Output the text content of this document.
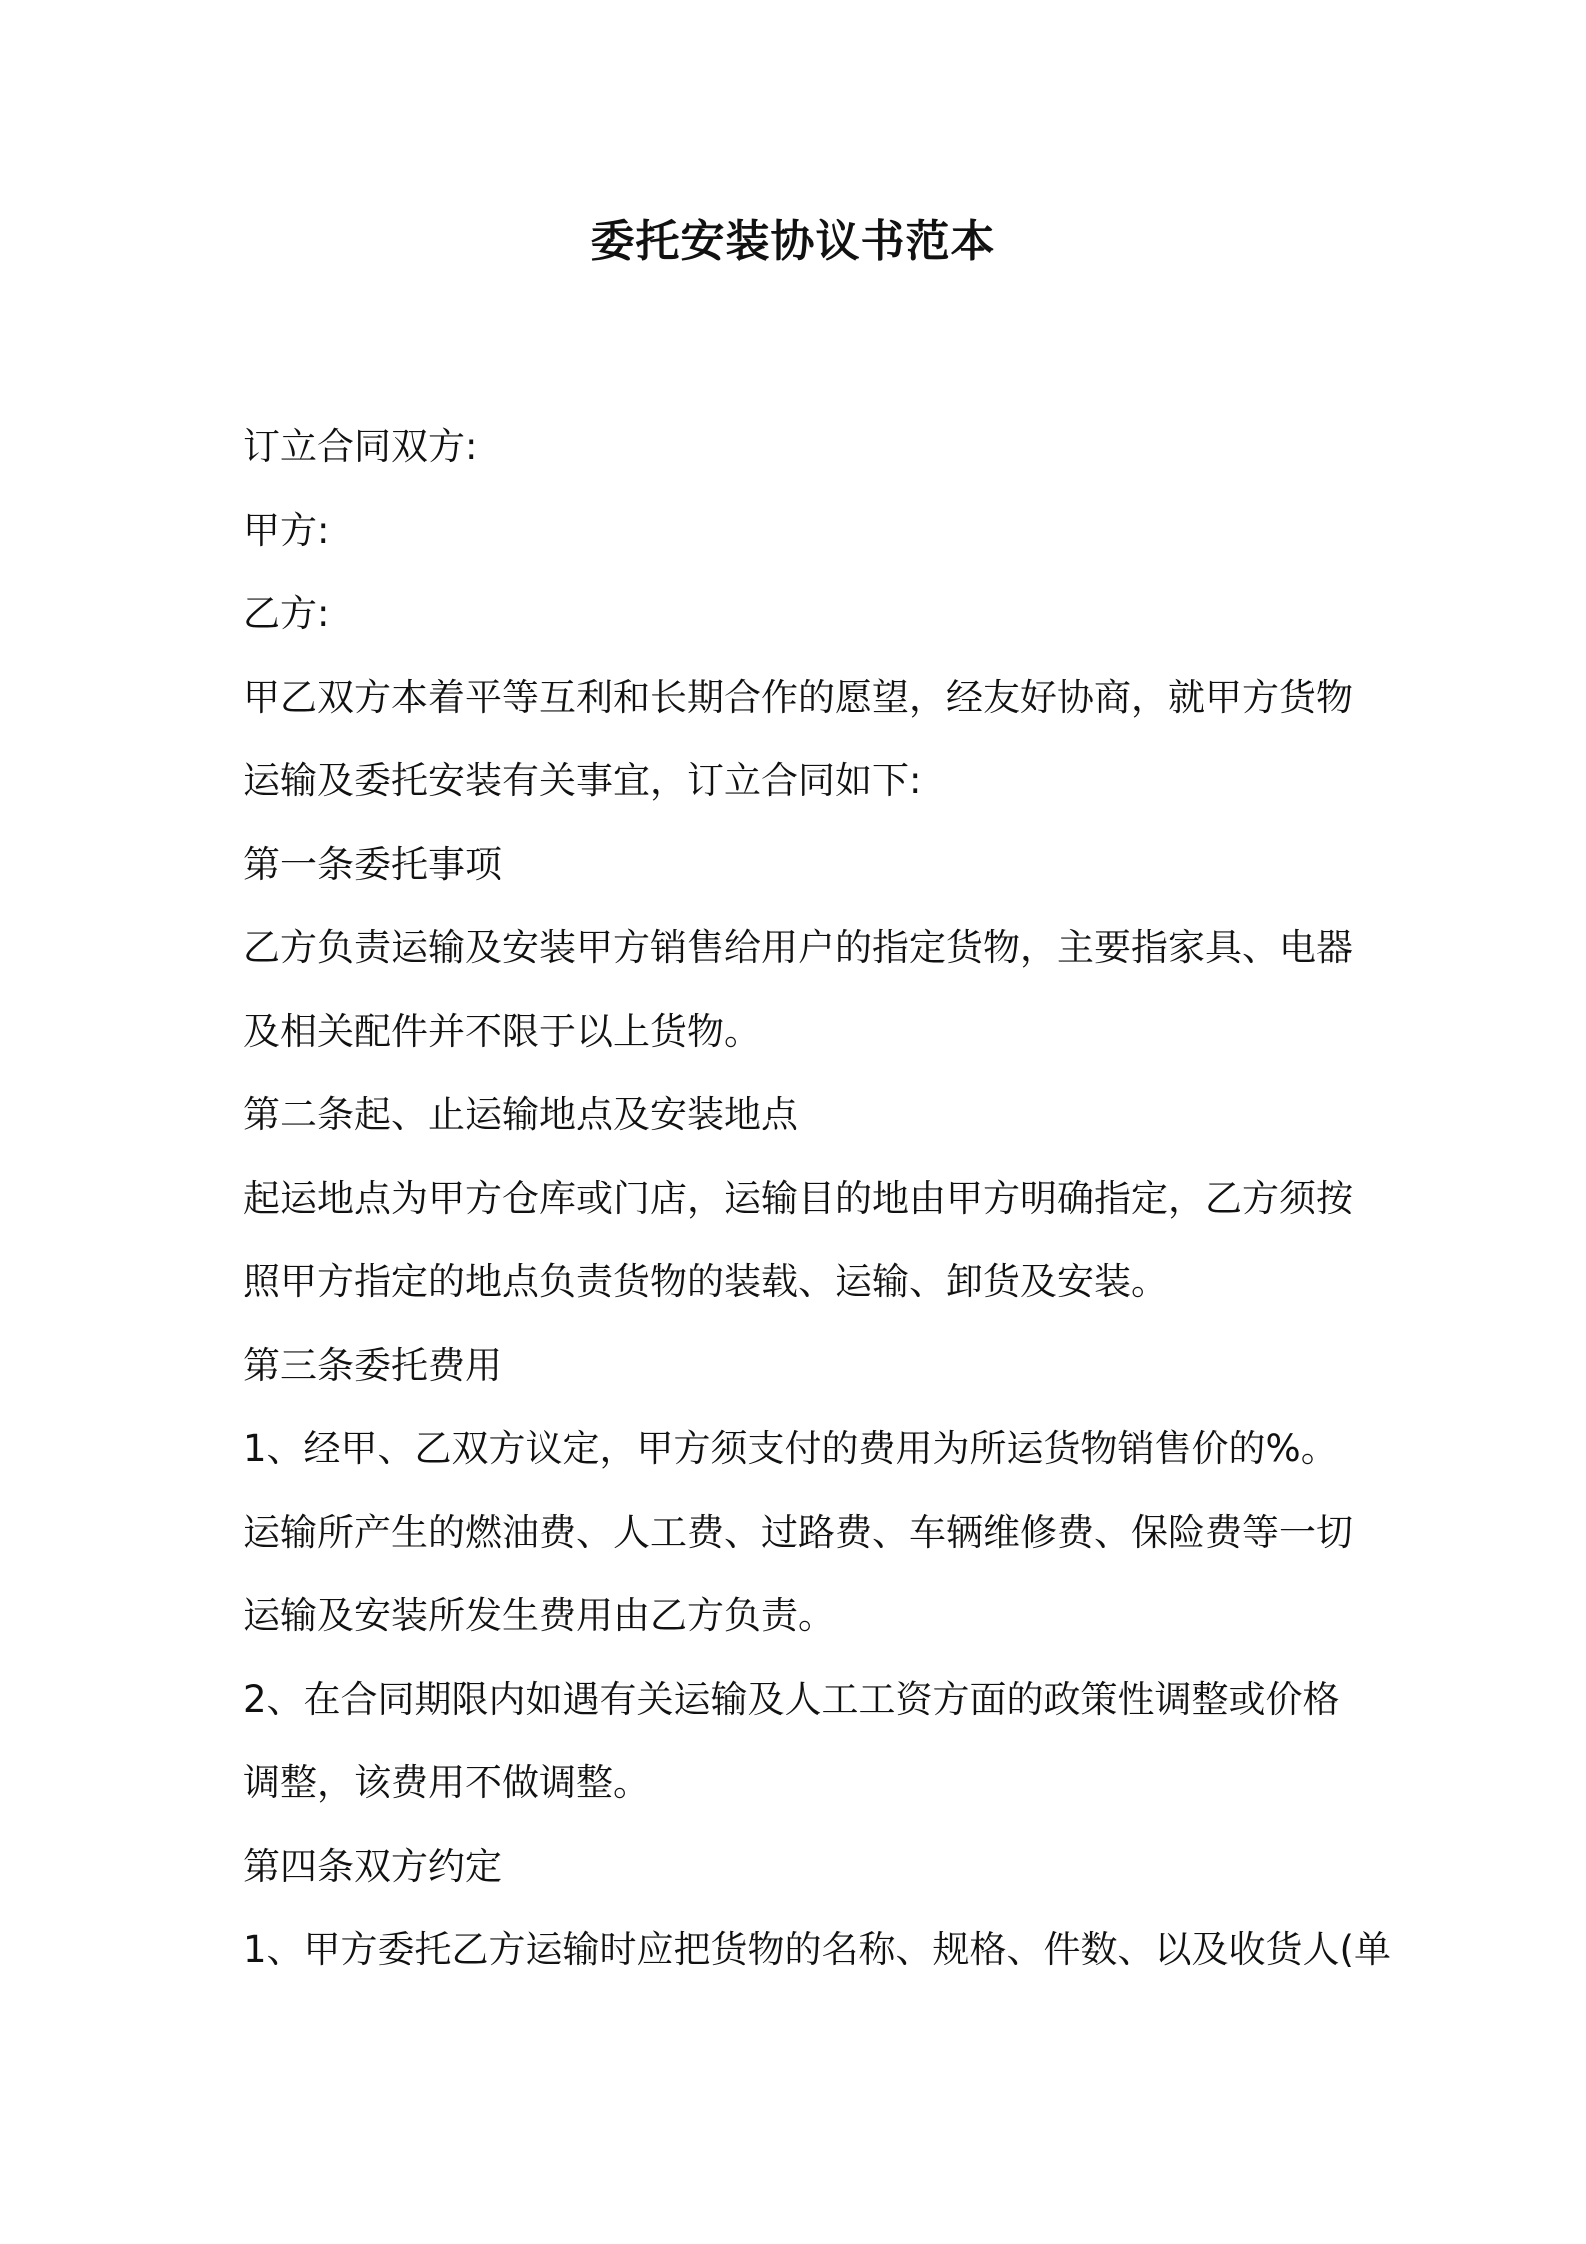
委托安装协议书范本

订立合同双方:

甲方:

乙方:

甲乙双方本着平等互利和长期合作的愿望，经友好协商，就甲方货物

运输及委托安装有关事宜，订立合同如下:

第一条委托事项

乙方负责运输及安装甲方销售给用户的指定货物，主要指家具、电器

及相关配件并不限于以上货物。

第二条起、止运输地点及安装地点

起运地点为甲方仓库或门店，运输目的地由甲方明确指定，乙方须按

照甲方指定的地点负责货物的装载、运输、卸货及安装。

第三条委托费用

1、经甲、乙双方议定，甲方须支付的费用为所运货物销售价的%。

运输所产生的燃油费、人工费、过路费、车辆维修费、保险费等一切

运输及安装所发生费用由乙方负责。

2、在合同期限内如遇有关运输及人工工资方面的政策性调整或价格

调整，该费用不做调整。

第四条双方约定

1、甲方委托乙方运输时应把货物的名称、规格、件数、以及收货人(单
